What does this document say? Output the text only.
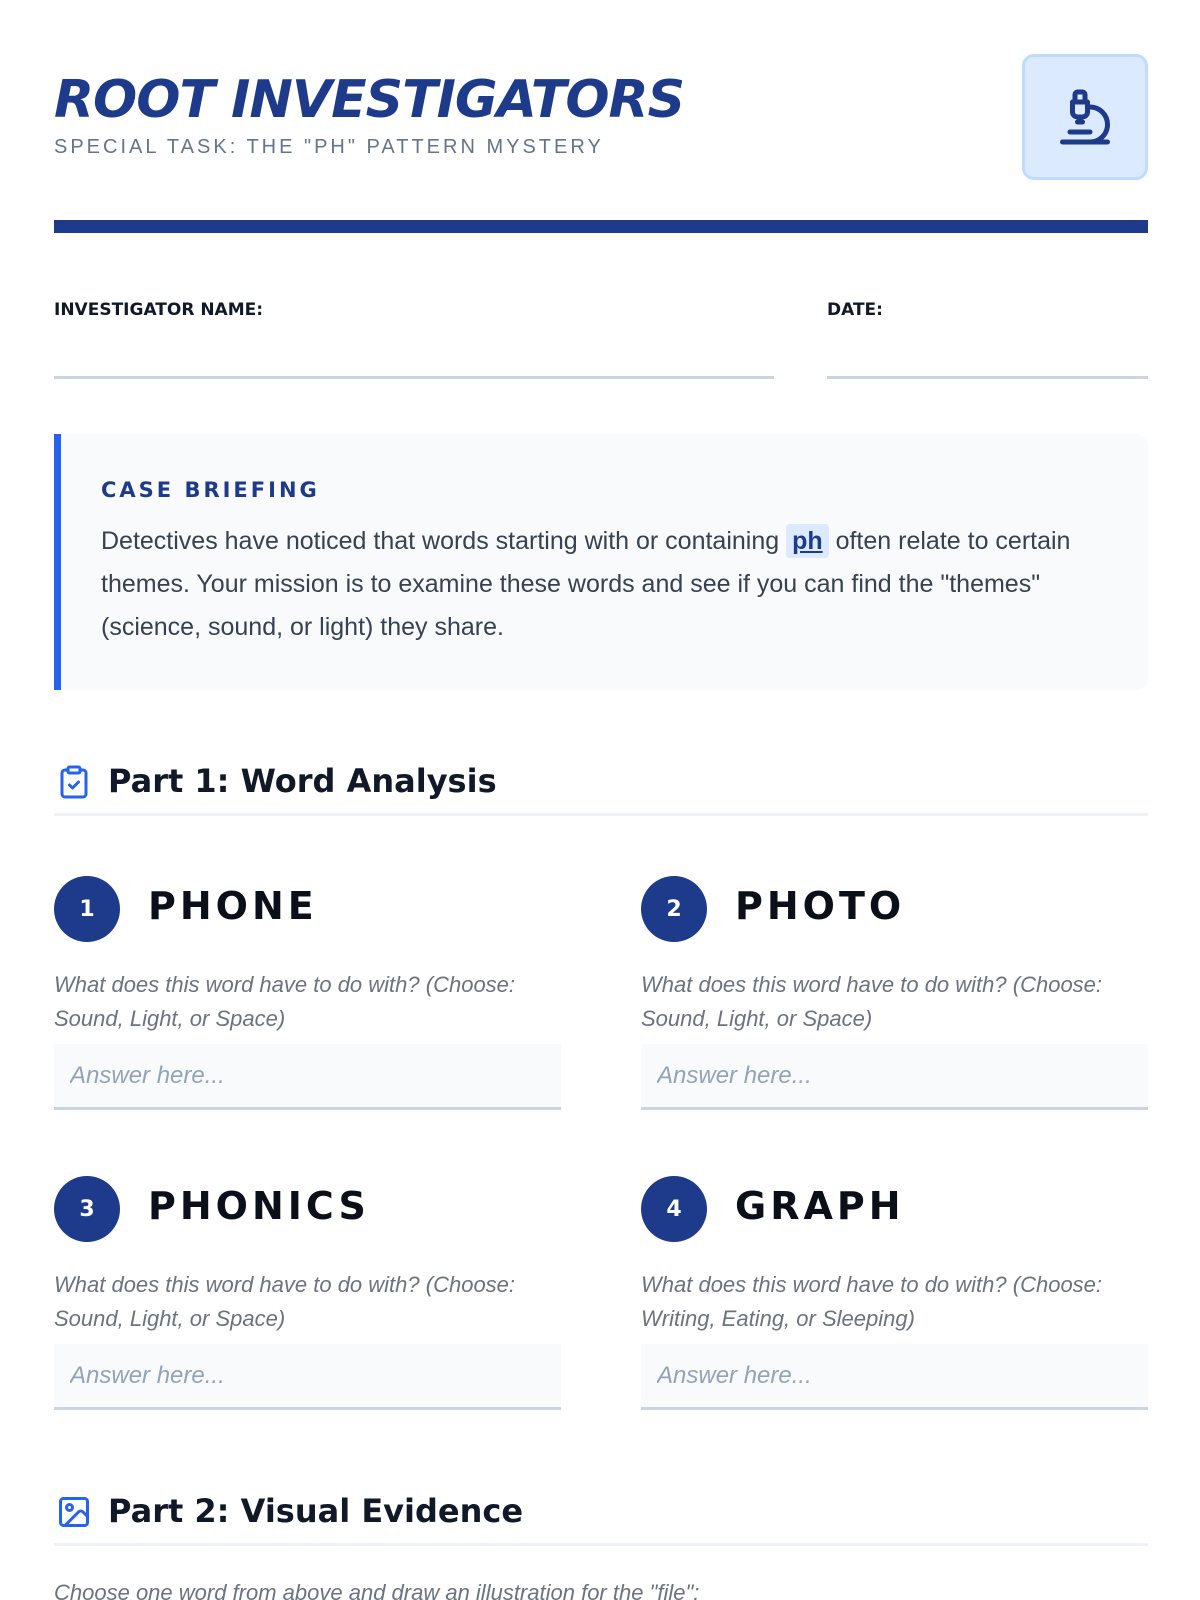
ROOT INVESTIGATORS
SPECIAL TASK: THE "PH" PATTERN MYSTERY
INVESTIGATOR NAME:	DATE:
CASE BRIEFING
Detectives have noticed that words starting with or containing ph often relate to certain themes. Your mission is to examine these words and see if you can find the "themes" (science, sound, or light) they share.
Part 1: Word Analysis
1	PHONE
What does this word have to do with? (Choose: Sound, Light, or Space)
Answer here...
2	PHOTO
What does this word have to do with? (Choose: Sound, Light, or Space)
Answer here...
3	PHONICS
What does this word have to do with? (Choose: Sound, Light, or Space)
Answer here...
4	GRAPH
What does this word have to do with? (Choose: Writing, Eating, or Sleeping)
Answer here...
Part 2: Visual Evidence
Choose one word from above and draw an illustration for the "file":
